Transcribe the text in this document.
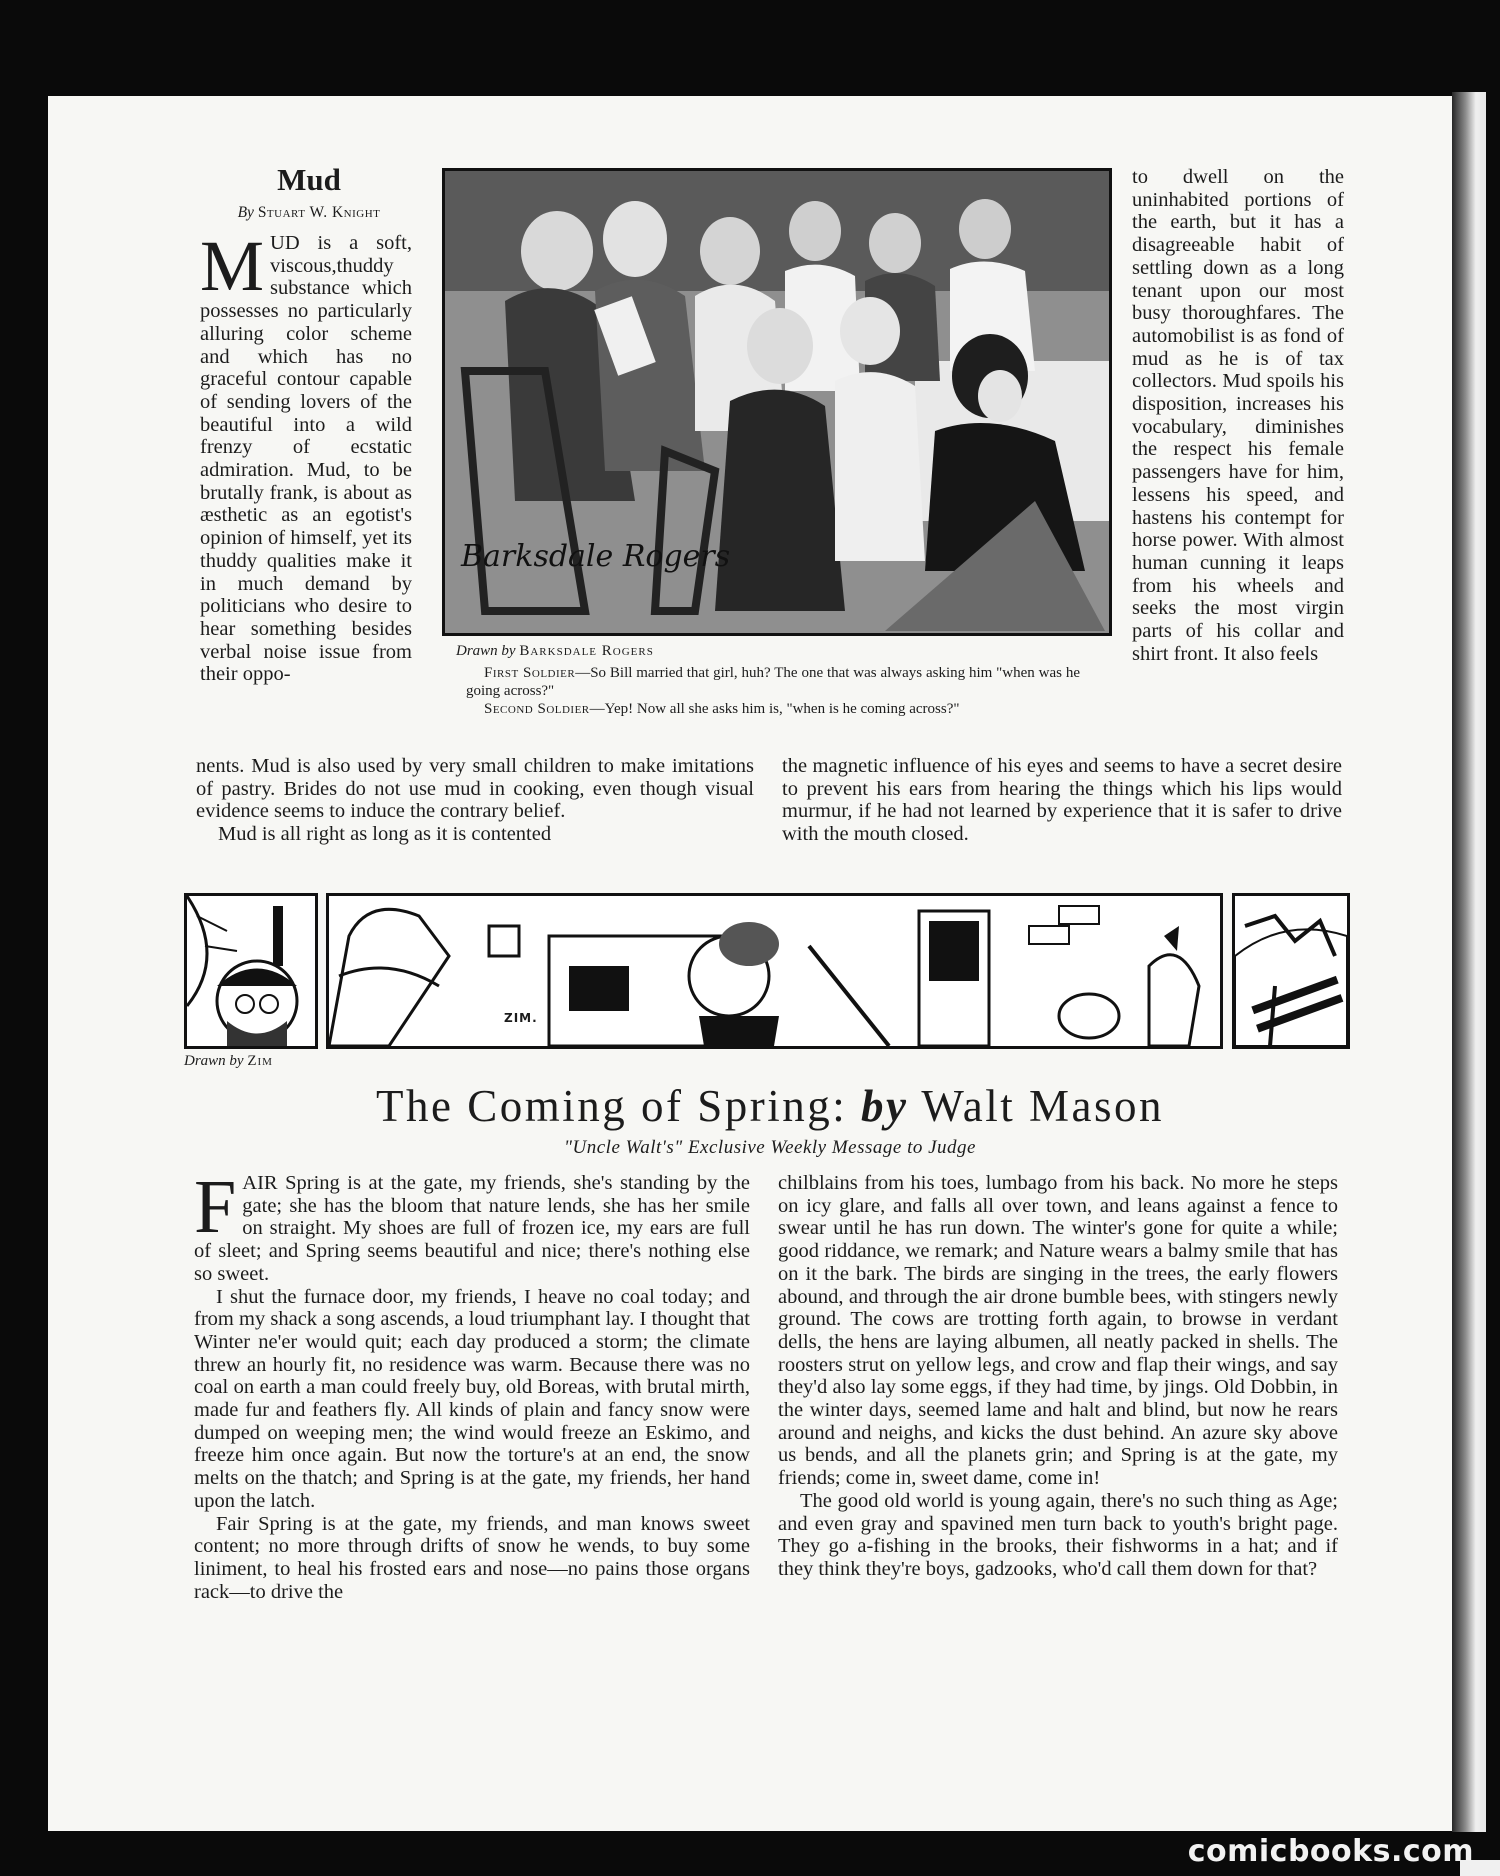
Mud
By Stuart W. Knight

MUD is a soft, viscous,thuddy substance which possesses no particularly alluring color scheme and which has no graceful contour capable of sending lovers of the beautiful into a wild frenzy of ecstatic admiration. Mud, to be brutally frank, is about as æsthetic as an egotist's opinion of himself, yet its thuddy qualities make it in much demand by politicians who desire to hear something besides verbal noise issue from their oppo-

to dwell on the uninhabited portions of the earth, but it has a disagreeable habit of settling down as a long tenant upon our most busy thoroughfares. The automobilist is as fond of mud as he is of tax collectors. Mud spoils his disposition, increases his vocabulary, diminishes the respect his female passengers have for him, lessens his speed, and hastens his contempt for horse power. With almost human cunning it leaps from his wheels and seeks the most virgin parts of his collar and shirt front. It also feels

nents. Mud is also used by very small children to make imitations of pastry. Brides do not use mud in cooking, even though visual evidence seems to induce the contrary belief.

Mud is all right as long as it is contented

the magnetic influence of his eyes and seems to have a secret desire to prevent his ears from hearing the things which his lips would murmur, if he had not learned by experience that it is safer to drive with the mouth closed.

Barksdale Rogers
Drawn by Barksdale Rogers

First Soldier—So Bill married that girl, huh? The one that was always asking him "when was he going across?"

Second Soldier—Yep! Now all she asks him is, "when is he coming across?"

ZIM.
Drawn by Zim
The Coming of Spring: by Walt Mason
"Uncle Walt's" Exclusive Weekly Message to Judge

FAIR Spring is at the gate, my friends, she's standing by the gate; she has the bloom that nature lends, she has her smile on straight. My shoes are full of frozen ice, my ears are full of sleet; and Spring seems beautiful and nice; there's nothing else so sweet.

I shut the furnace door, my friends, I heave no coal today; and from my shack a song ascends, a loud triumphant lay. I thought that Winter ne'er would quit; each day produced a storm; the climate threw an hourly fit, no residence was warm. Because there was no coal on earth a man could freely buy, old Boreas, with brutal mirth, made fur and feathers fly. All kinds of plain and fancy snow were dumped on weeping men; the wind would freeze an Eskimo, and freeze him once again. But now the torture's at an end, the snow melts on the thatch; and Spring is at the gate, my friends, her hand upon the latch.

Fair Spring is at the gate, my friends, and man knows sweet content; no more through drifts of snow he wends, to buy some liniment, to heal his frosted ears and nose—no pains those organs rack—to drive the

chilblains from his toes, lumbago from his back. No more he steps on icy glare, and falls all over town, and leans against a fence to swear until he has run down. The winter's gone for quite a while; good riddance, we remark; and Nature wears a balmy smile that has on it the bark. The birds are singing in the trees, the early flowers abound, and through the air drone bumble bees, with stingers newly ground. The cows are trotting forth again, to browse in verdant dells, the hens are laying albumen, all neatly packed in shells. The roosters strut on yellow legs, and crow and flap their wings, and say they'd also lay some eggs, if they had time, by jings. Old Dobbin, in the winter days, seemed lame and halt and blind, but now he rears around and neighs, and kicks the dust behind. An azure sky above us bends, and all the planets grin; and Spring is at the gate, my friends; come in, sweet dame, come in!

The good old world is young again, there's no such thing as Age; and even gray and spavined men turn back to youth's bright page. They go a-fishing in the brooks, their fishworms in a hat; and if they think they're boys, gadzooks, who'd call them down for that?

comicbooks.com
